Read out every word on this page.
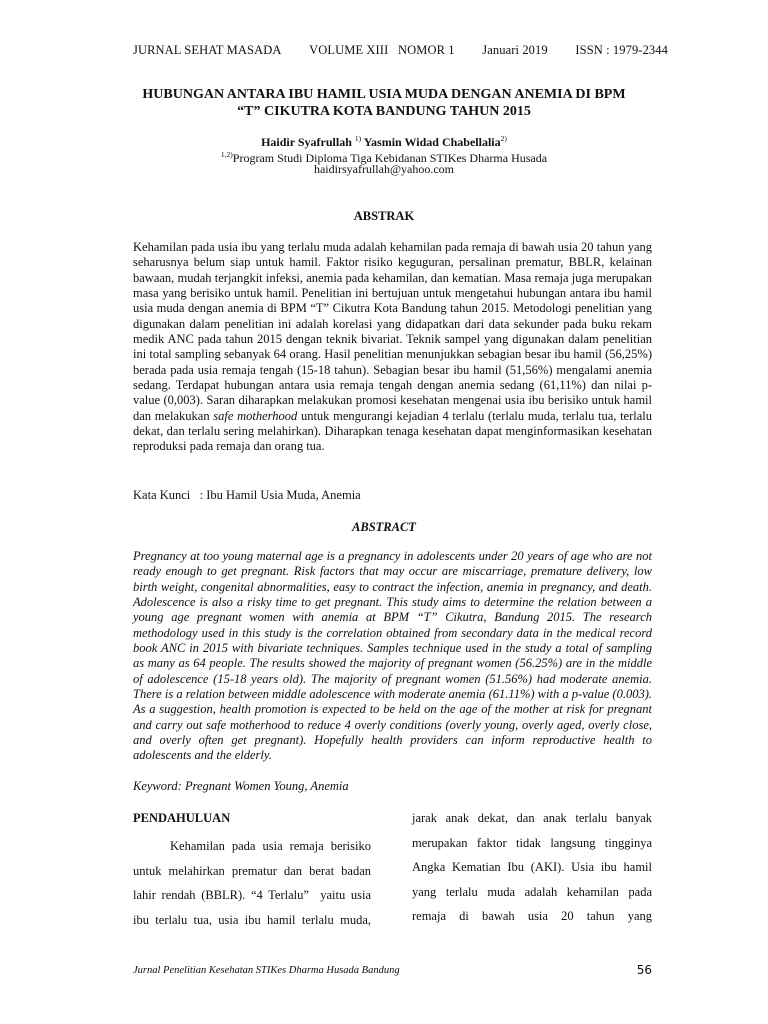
JURNAL SEHAT MASADA VOLUME XIII   NOMOR 1 Januari 2019 ISSN : 1979-2344
HUBUNGAN ANTARA IBU HAMIL USIA MUDA DENGAN ANEMIA DI BPM
“T” CIKUTRA KOTA BANDUNG TAHUN 2015
Haidir Syafrullah $^{1)}$ Yasmin Widad Chabellalia$^{2)}$
$^{1,2)}$Program Studi Diploma Tiga Kebidanan STIKes Dharma Husada
haidirsyafrullah@yahoo.com
ABSTRAK

Kehamilan pada usia ibu yang terlalu muda adalah kehamilan pada remaja di bawah usia 20 tahun yang seharusnya belum siap untuk hamil. Faktor risiko keguguran, persalinan prematur, BBLR, kelainan bawaan, mudah terjangkit infeksi, anemia pada kehamilan, dan kematian. Masa remaja juga merupakan masa yang berisiko untuk hamil. Penelitian ini bertujuan untuk mengetahui hubungan antara ibu hamil usia muda dengan anemia di BPM “T” Cikutra Kota Bandung tahun 2015. Metodologi penelitian yang digunakan dalam penelitian ini adalah korelasi yang didapatkan dari data sekunder pada buku rekam medik ANC pada tahun 2015 dengan teknik bivariat. Teknik sampel yang digunakan dalam penelitian ini total sampling sebanyak 64 orang. Hasil penelitian menunjukkan sebagian besar ibu hamil (56,25%) berada pada usia remaja tengah (15-18 tahun). Sebagian besar ibu hamil (51,56%) mengalami anemia sedang. Terdapat hubungan antara usia remaja tengah dengan anemia sedang (61,11%) dan nilai p-value (0,003). Saran diharapkan melakukan promosi kesehatan mengenai usia ibu berisiko untuk hamil dan melakukan safe motherhood untuk mengurangi kejadian 4 terlalu (terlalu muda, terlalu tua, terlalu dekat, dan terlalu sering melahirkan). Diharapkan tenaga kesehatan dapat menginformasikan kesehatan reproduksi pada remaja dan orang tua.

Kata Kunci   : Ibu Hamil Usia Muda, Anemia
ABSTRACT

Pregnancy at too young maternal age is a pregnancy in adolescents under 20 years of age who are not ready enough to get pregnant. Risk factors that may occur are miscarriage, premature delivery, low birth weight, congenital abnormalities, easy to contract the infection, anemia in pregnancy, and death. Adolescence is also a risky time to get pregnant. This study aims to determine the relation between a young age pregnant women with anemia at BPM “T” Cikutra, Bandung 2015. The research methodology used in this study is the correlation obtained from secondary data in the medical record book ANC in 2015 with bivariate techniques. Samples technique used in the study a total of sampling as many as 64 people. The results showed the majority of pregnant women (56.25%) are in the middle of adolescence (15-18 years old). The majority of pregnant women (51.56%) had moderate anemia. There is a relation between middle adolescence with moderate anemia (61.11%) with a p-value (0.003). As a suggestion, health promotion is expected to be held on the age of the mother at risk for pregnant and carry out safe motherhood to reduce 4 overly conditions (overly young, overly aged, overly close, and overly often get pregnant). Hopefully health providers can inform reproductive health to adolescents and the elderly.

Keyword: Pregnant Women Young, Anemia
PENDAHULUAN

Kehamilan pada usia remaja berisiko

untuk melahirkan prematur dan berat badan

lahir rendah (BBLR). “4 Terlalu”  yaitu usia

ibu terlalu tua, usia ibu hamil terlalu muda,

jarak anak dekat, dan anak terlalu banyak

merupakan faktor tidak langsung tingginya

Angka Kematian Ibu (AKI). Usia ibu hamil

yang terlalu muda adalah kehamilan pada

remaja di bawah usia 20 tahun yang

Jurnal Penelitian Kesehatan STIKes Dharma Husada Bandung	56
